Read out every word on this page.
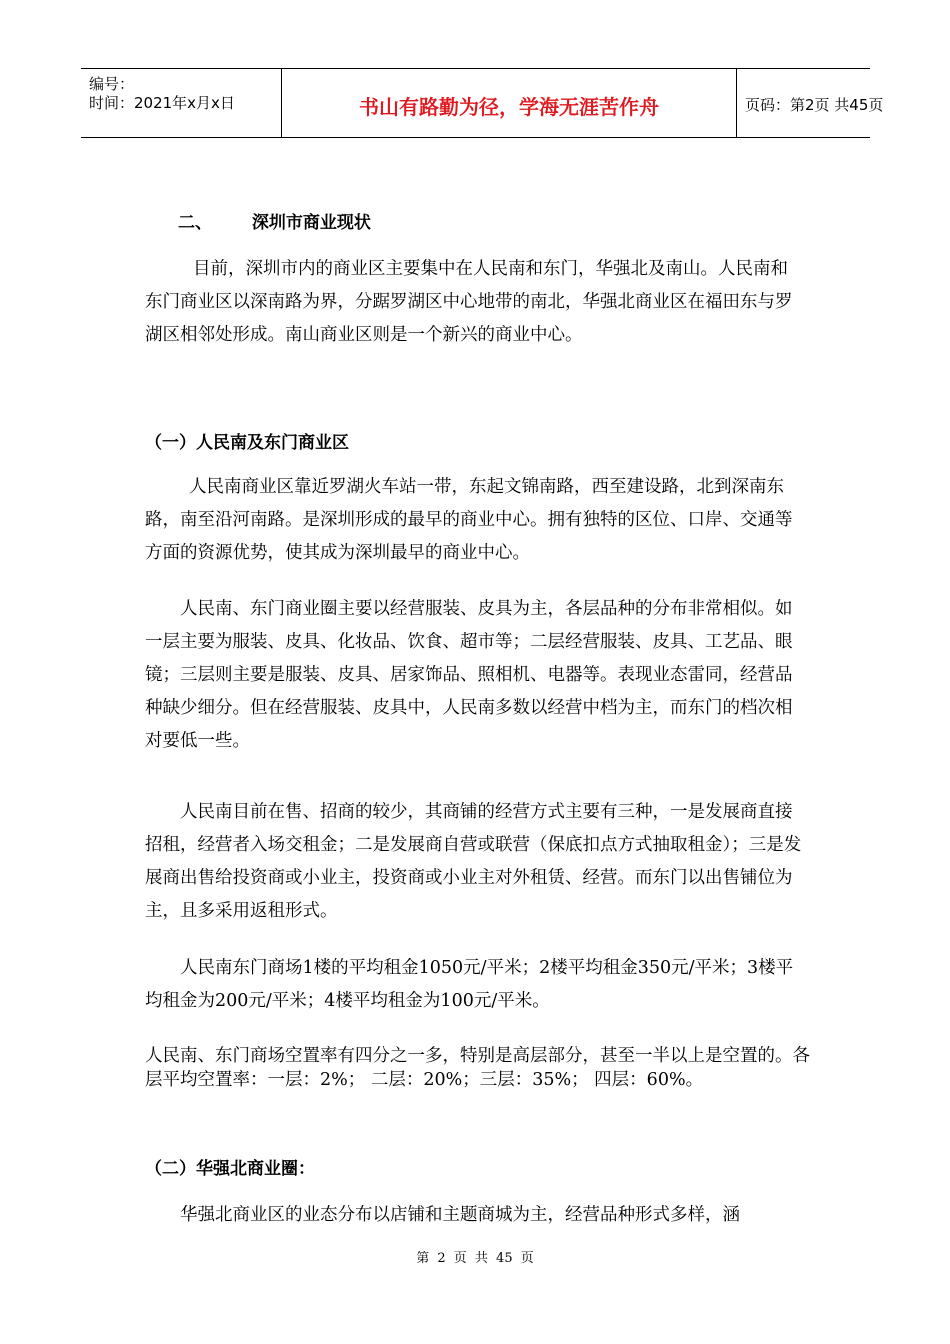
编号：
时间：2021年x月x日	书山有路勤为径，学海无涯苦作舟	页码：第2页 共45页
二、 深圳市商业现状

目前，深圳市内的商业区主要集中在人民南和东门，华强北及南山。人民南和东门商业区以深南路为界，分踞罗湖区中心地带的南北，华强北商业区在福田东与罗湖区相邻处形成。南山商业区则是一个新兴的商业中心。

（一）人民南及东门商业区

人民南商业区靠近罗湖火车站一带，东起文锦南路，西至建设路，北到深南东路，南至沿河南路。是深圳形成的最早的商业中心。拥有独特的区位、口岸、交通等方面的资源优势，使其成为深圳最早的商业中心。

人民南、东门商业圈主要以经营服装、皮具为主，各层品种的分布非常相似。如一层主要为服装、皮具、化妆品、饮食、超市等；二层经营服装、皮具、工艺品、眼镜；三层则主要是服装、皮具、居家饰品、照相机、电器等。表现业态雷同，经营品种缺少细分。但在经营服装、皮具中，人民南多数以经营中档为主，而东门的档次相对要低一些。

人民南目前在售、招商的较少，其商铺的经营方式主要有三种，一是发展商直接招租，经营者入场交租金；二是发展商自营或联营（保底扣点方式抽取租金）；三是发展商出售给投资商或小业主，投资商或小业主对外租赁、经营。而东门以出售铺位为主，且多采用返租形式。

人民南东门商场1楼的平均租金1050元/平米；2楼平均租金350元/平米；3楼平均租金为200元/平米；4楼平均租金为100元/平米。

人民南、东门商场空置率有四分之一多，特别是高层部分，甚至一半以上是空置的。各层平均空置率：一层：2%； 二层：20%；三层：35%； 四层：60%。

（二）华强北商业圈：

华强北商业区的业态分布以店铺和主题商城为主，经营品种形式多样，涵

第 2 页 共 45 页
